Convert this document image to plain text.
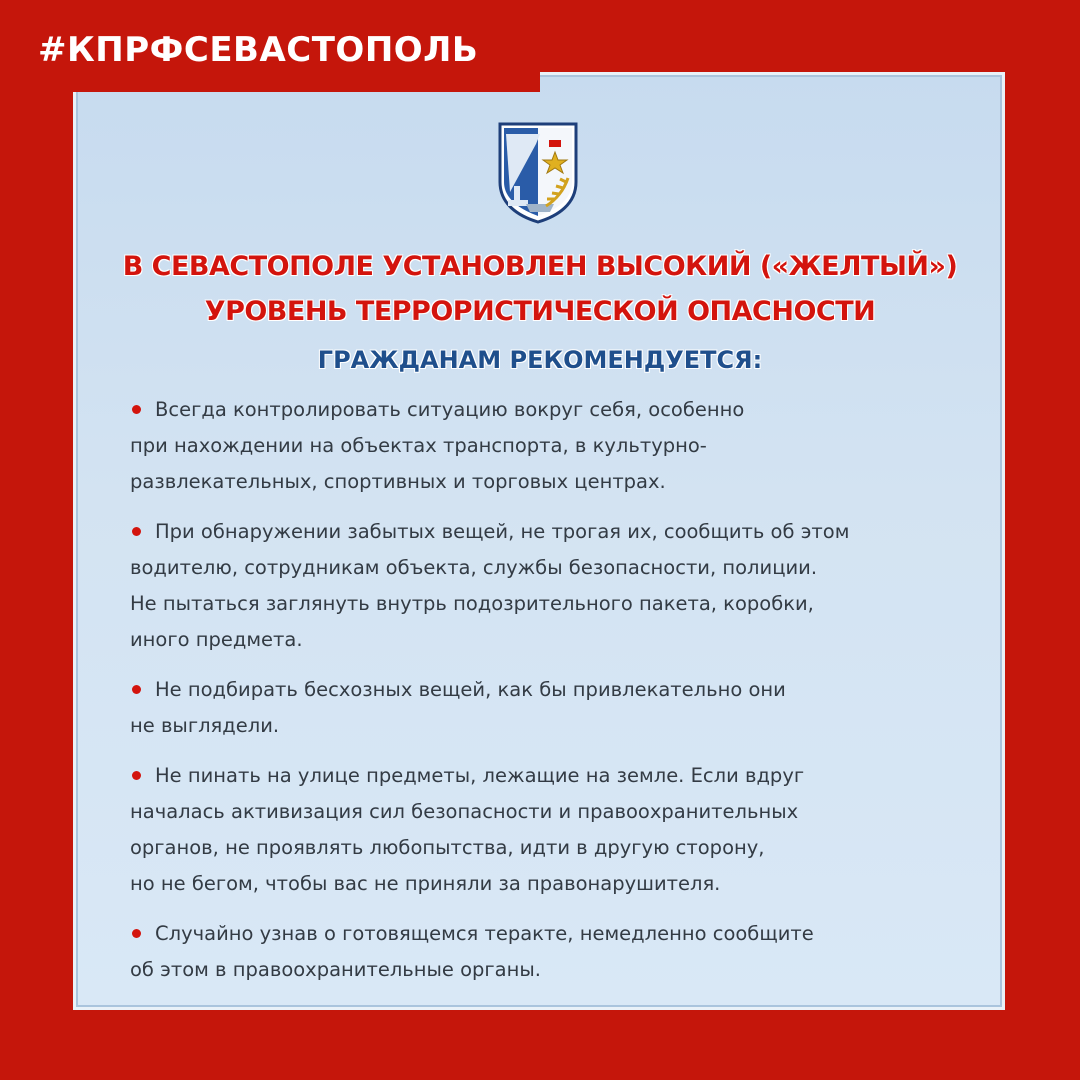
#КПРФСЕВАСТОПОЛЬ
В СЕВАСТОПОЛЕ УСТАНОВЛЕН ВЫСОКИЙ («ЖЕЛТЫЙ»)
УРОВЕНЬ ТЕРРОРИСТИЧЕСКОЙ ОПАСНОСТИ
ГРАЖДАНАМ РЕКОМЕНДУЕТСЯ:
Всегда контролировать ситуацию вокруг себя, особенно
при нахождении на объектах транспорта, в культурно-
развлекательных, спортивных и торговых центрах.
При обнаружении забытых вещей, не трогая их, сообщить об этом
водителю, сотрудникам объекта, службы безопасности, полиции.
Не пытаться заглянуть внутрь подозрительного пакета, коробки,
иного предмета.
Не подбирать бесхозных вещей, как бы привлекательно они
не выглядели.
Не пинать на улице предметы, лежащие на земле. Если вдруг
началась активизация сил безопасности и правоохранительных
органов, не проявлять любопытства, идти в другую сторону,
но не бегом, чтобы вас не приняли за правонарушителя.
Случайно узнав о готовящемся теракте, немедленно сообщите
об этом в правоохранительные органы.
